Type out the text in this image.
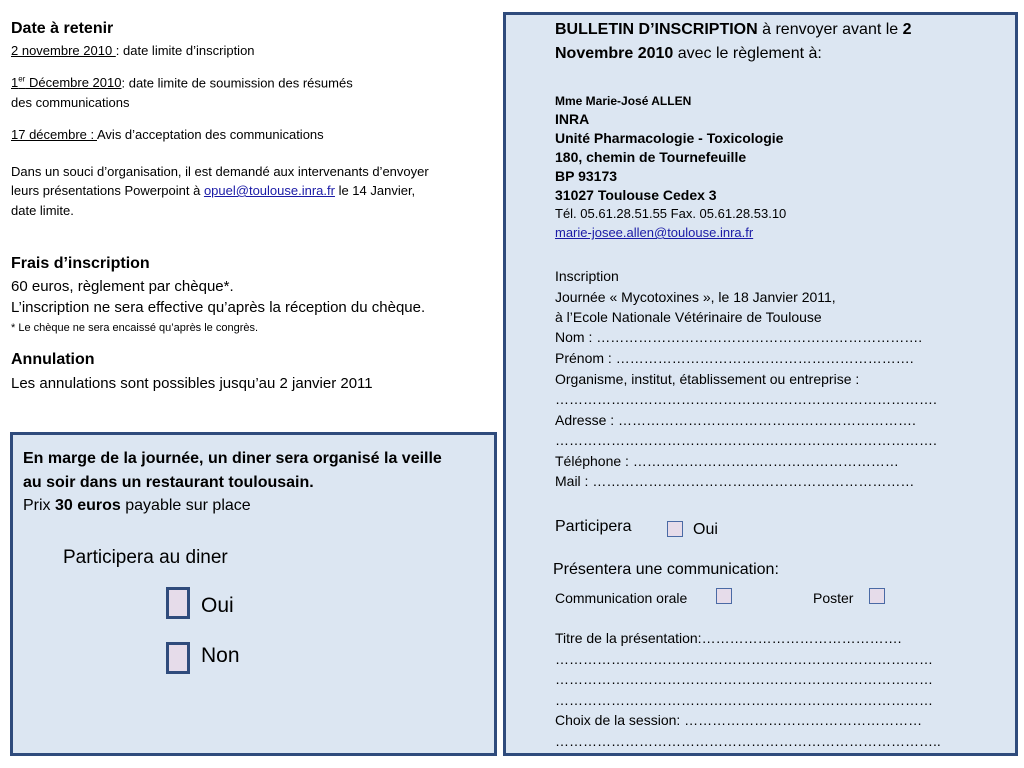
Date à retenir
2 novembre 2010 : date limite d’inscription
1er Décembre 2010: date limite de soumission des résumés
des communications
17 décembre : Avis d’acceptation des communications
Dans un souci d’organisation, il est demandé aux intervenants d’envoyer
leurs présentations Powerpoint à opuel@toulouse.inra.fr le 14 Janvier,
date limite.
Frais d’inscription
60 euros, règlement par chèque*.
L’inscription ne sera effective qu’après la réception du chèque.
* Le chèque ne sera encaissé qu’après le congrès.
Annulation
Les annulations sont possibles jusqu’au 2 janvier 2011
En marge de la journée, un diner sera organisé la veille
au soir dans un restaurant toulousain.
Prix 30 euros payable sur place
Participera au diner
Oui
Non
BULLETIN D’INSCRIPTION à renvoyer avant le 2
Novembre 2010 avec le règlement à:
Mme Marie-José ALLEN
INRA
Unité Pharmacologie - Toxicologie
180, chemin de Tournefeuille
BP 93173
31027 Toulouse Cedex 3
Tél. 05.61.28.51.55 Fax. 05.61.28.53.10
marie-josee.allen@toulouse.inra.fr
Inscription
Journée « Mycotoxines », le 18 Janvier 2011,
à l’Ecole Nationale Vétérinaire de Toulouse
Nom : …………………………………………………………….
Prénom : ……………………………………………………….
Organisme, institut, établissement ou entreprise :
……………………………………………………………………….
Adresse : ……………………………………………………….
……………………………………………………………………….
Téléphone : …………………………………………………
Mail : ……………………………………………………………
Participera	Oui
Présentera une communication:
Communication orale	Poster
Titre de la présentation:…………………………………….
………………………………………………………………………
………………………………………………………………………
………………………………………………………………………
Choix de la session: ……………………………………………
………………………………………………………………………..
